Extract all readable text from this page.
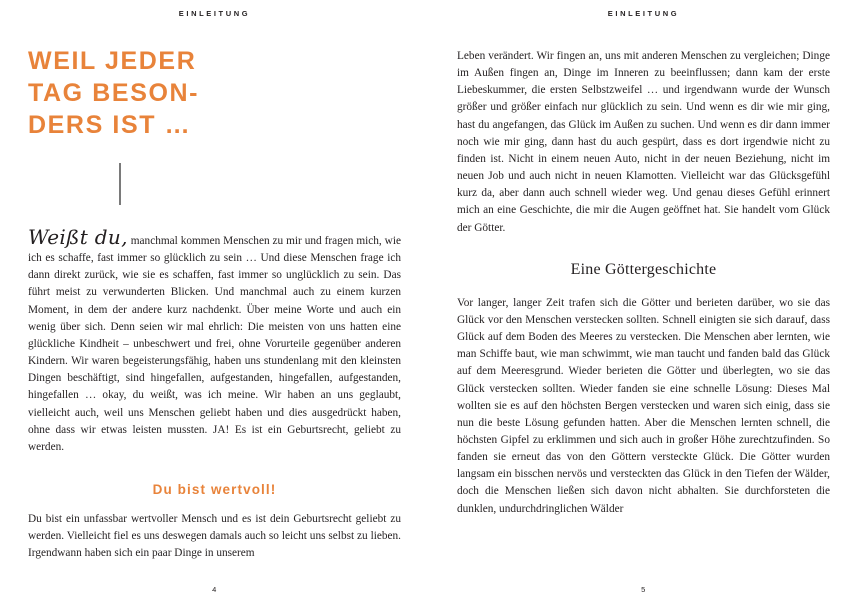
EINLEITUNG
WEIL JEDER
TAG BESON-
DERS IST …

Weißt du, manchmal kommen Menschen zu mir und fragen mich, wie ich es schaffe, fast immer so glücklich zu sein … Und diese Menschen frage ich dann direkt zurück, wie sie es schaffen, fast immer so unglücklich zu sein. Das führt meist zu verwunderten Blicken. Und manchmal auch zu einem kurzen Moment, in dem der andere kurz nachdenkt. Über meine Worte und auch ein wenig über sich. Denn seien wir mal ehrlich: Die meisten von uns hatten eine glückliche Kindheit – unbeschwert und frei, ohne Vorurteile gegenüber anderen Kindern. Wir waren begeisterungsfähig, haben uns stundenlang mit den kleinsten Dingen beschäftigt, sind hingefallen, aufgestanden, hingefallen, aufgestanden, hingefallen … okay, du weißt, was ich meine. Wir haben an uns geglaubt, vielleicht auch, weil uns Menschen geliebt haben und dies ausgedrückt haben, ohne dass wir etwas leisten mussten. JA! Es ist ein Geburtsrecht, geliebt zu werden.

Du bist wertvoll!

Du bist ein unfassbar wertvoller Mensch und es ist dein Geburtsrecht geliebt zu werden. Vielleicht fiel es uns deswegen damals auch so leicht uns selbst zu lieben. Irgendwann haben sich ein paar Dinge in unserem

4
EINLEITUNG

Leben verändert. Wir fingen an, uns mit anderen Menschen zu vergleichen; Dinge im Außen fingen an, Dinge im Inneren zu beeinflussen; dann kam der erste Liebeskummer, die ersten Selbstzweifel … und irgendwann wurde der Wunsch größer und größer einfach nur glücklich zu sein. Und wenn es dir wie mir ging, hast du angefangen, das Glück im Außen zu suchen. Und wenn es dir dann immer noch wie mir ging, dann hast du auch gespürt, dass es dort irgendwie nicht zu finden ist. Nicht in einem neuen Auto, nicht in der neuen Beziehung, nicht im neuen Job und auch nicht in neuen Klamotten. Vielleicht war das Glücksgefühl kurz da, aber dann auch schnell wieder weg. Und genau dieses Gefühl erinnert mich an eine Geschichte, die mir die Augen geöffnet hat. Sie handelt vom Glück der Götter.

Eine Göttergeschichte

Vor langer, langer Zeit trafen sich die Götter und berieten darüber, wo sie das Glück vor den Menschen verstecken sollten. Schnell einigten sie sich darauf, dass Glück auf dem Boden des Meeres zu verstecken. Die Menschen aber lernten, wie man Schiffe baut, wie man schwimmt, wie man taucht und fanden bald das Glück auf dem Meeresgrund. Wieder berieten die Götter und überlegten, wo sie das Glück verstecken sollten. Wieder fanden sie eine schnelle Lösung: Dieses Mal wollten sie es auf den höchsten Bergen verstecken und waren sich einig, dass sie nun die beste Lösung gefunden hatten. Aber die Menschen lernten schnell, die höchsten Gipfel zu erklimmen und sich auch in großer Höhe zurechtzufinden. So fanden sie erneut das von den Göttern versteckte Glück. Die Götter wurden langsam ein bisschen nervös und versteckten das Glück in den Tiefen der Wälder, doch die Menschen ließen sich davon nicht abhalten. Sie durchforsteten die dunklen, undurchdringlichen Wälder

5
